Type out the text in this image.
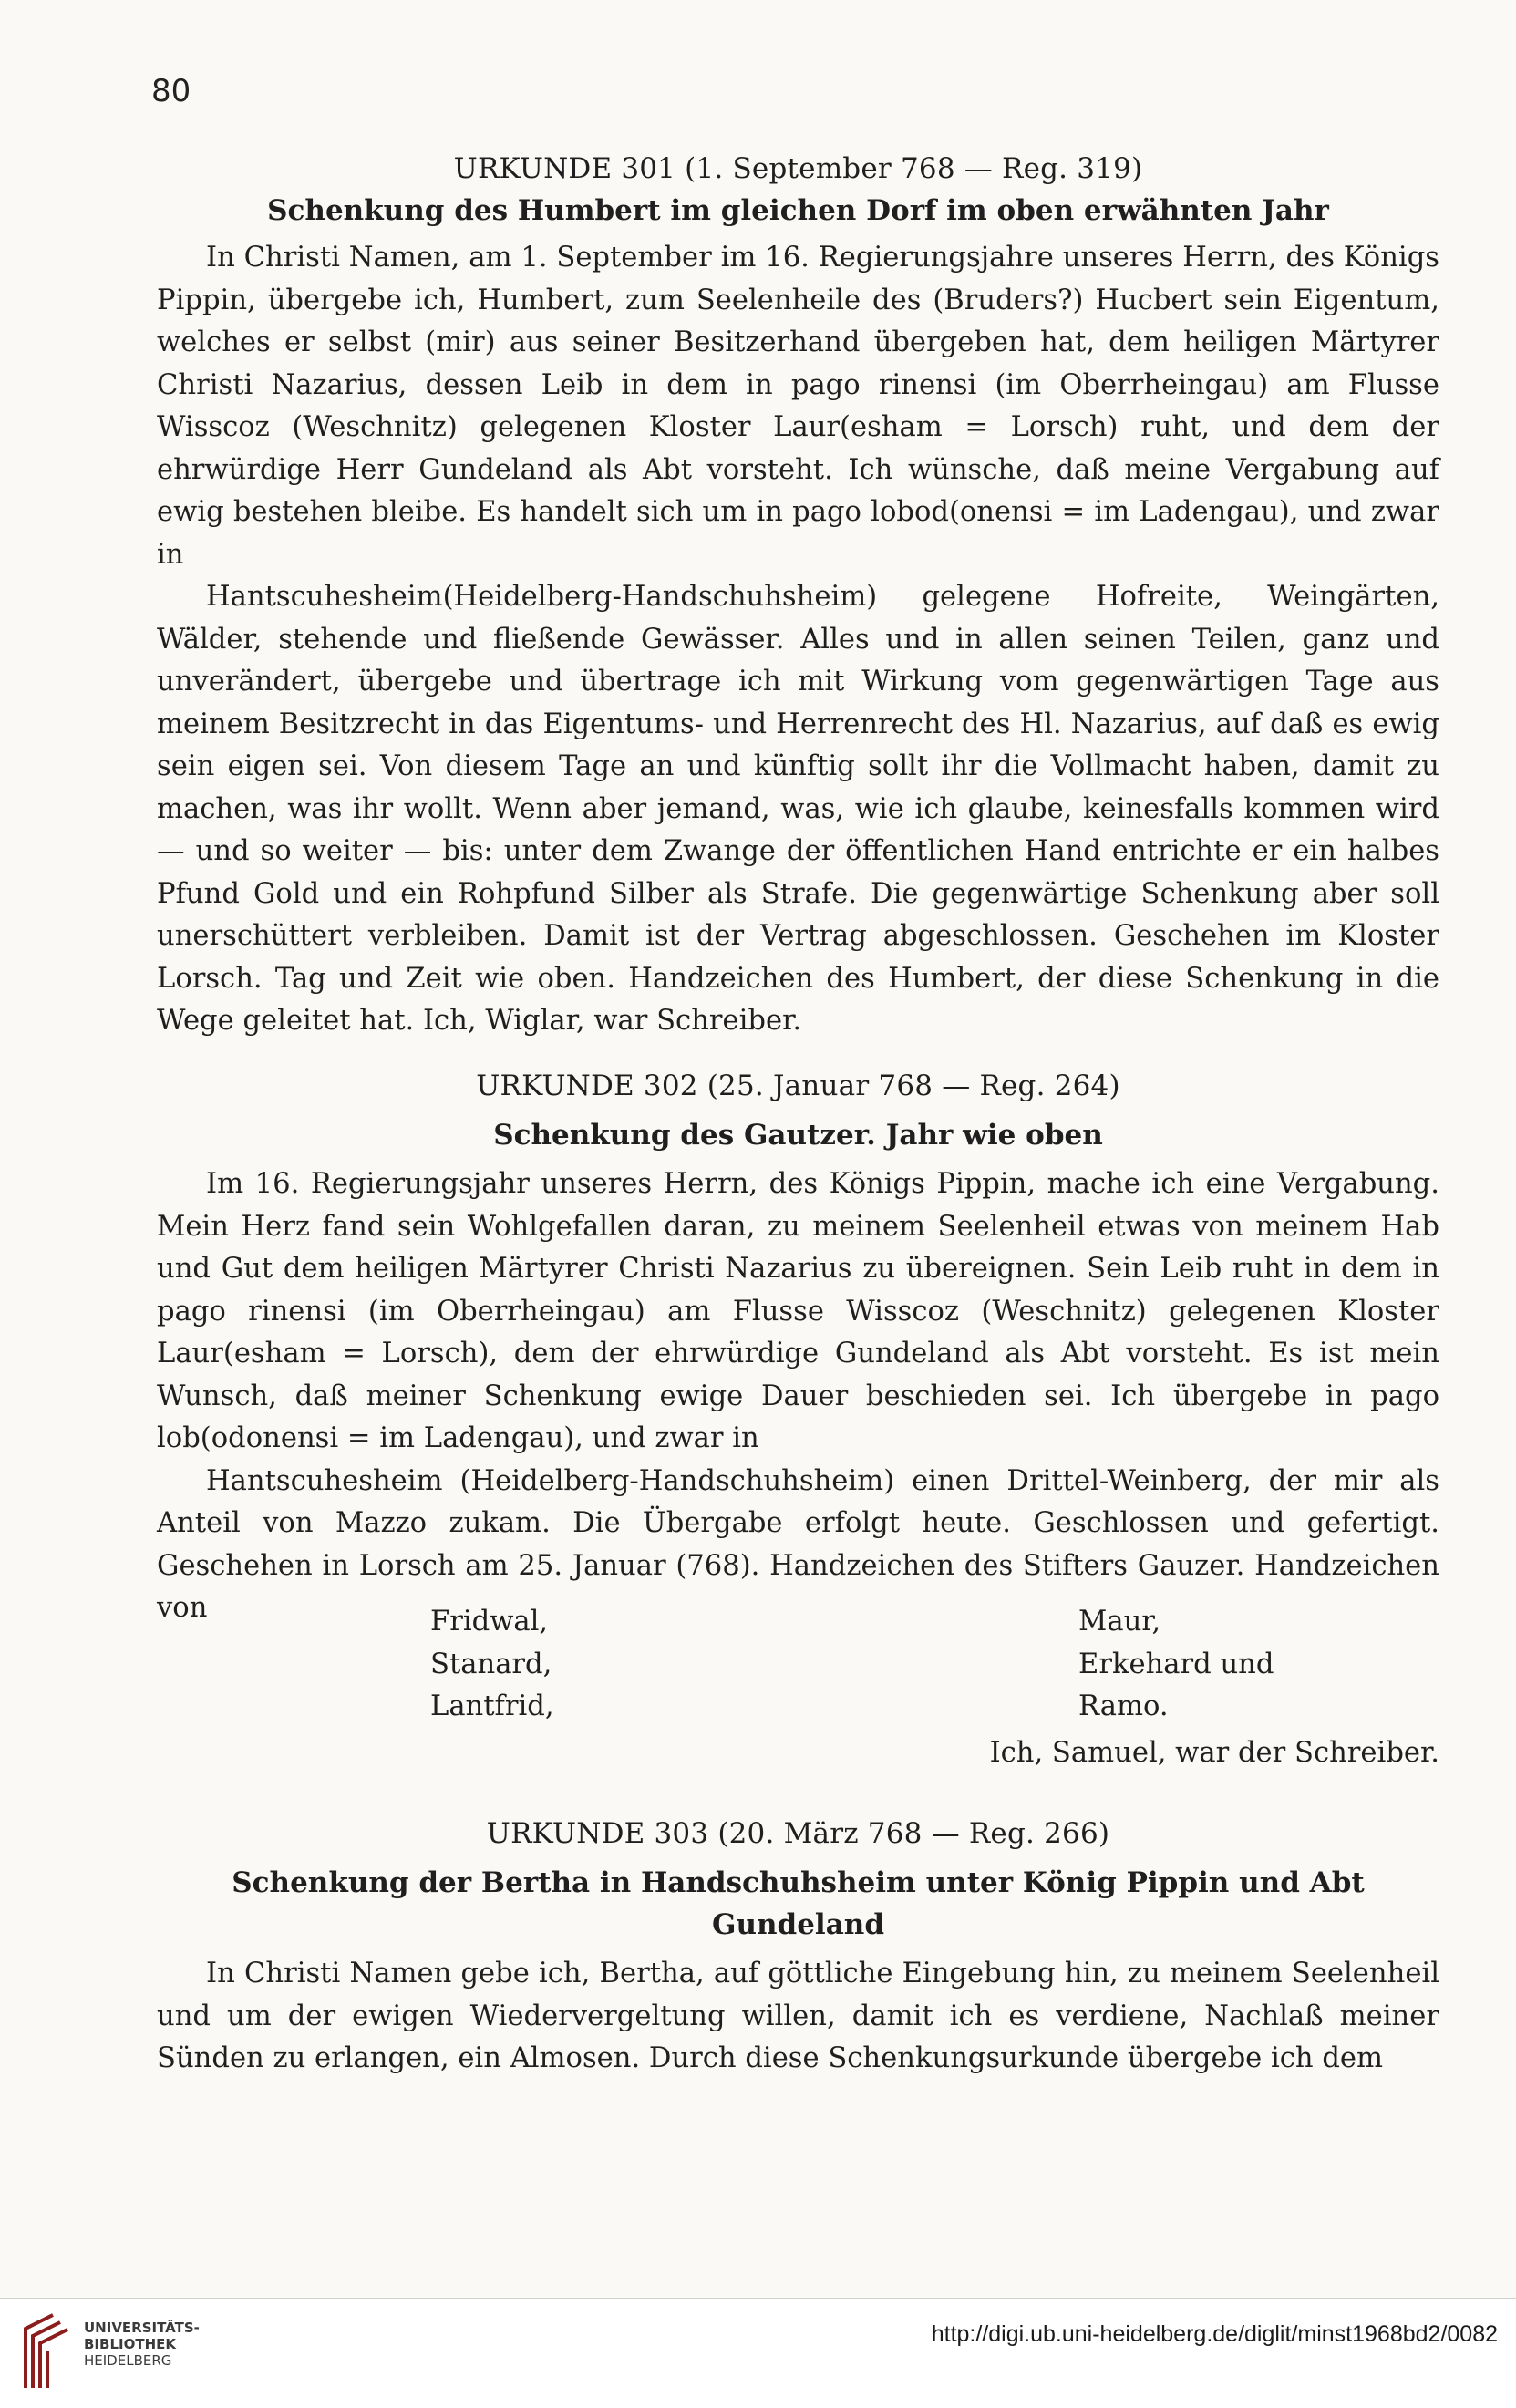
80
URKUNDE 301 (1. September 768 — Reg. 319)
Schenkung des Humbert im gleichen Dorf im oben erwähnten Jahr

In Christi Namen, am 1. September im 16. Regierungsjahre unseres Herrn, des Königs Pippin, übergebe ich, Humbert, zum Seelenheile des (Bruders?) Hucbert sein Eigentum, welches er selbst (mir) aus seiner Besitzerhand übergeben hat, dem heiligen Märtyrer Christi Nazarius, dessen Leib in dem in pago rinensi (im Oberrheingau) am Flusse Wisscoz (Weschnitz) gelegenen Kloster Laur(esham = Lorsch) ruht, und dem der ehrwürdige Herr Gundeland als Abt vorsteht. Ich wünsche, daß meine Vergabung auf ewig bestehen bleibe. Es handelt sich um in pago lobod(onensi = im Ladengau), und zwar in

Hantscuhesheim(Heidelberg-Handschuhsheim) gelegene Hofreite, Weingärten, Wälder, stehende und fließende Gewässer. Alles und in allen seinen Teilen, ganz und unverändert, übergebe und übertrage ich mit Wirkung vom gegenwärtigen Tage aus meinem Besitzrecht in das Eigentums- und Herrenrecht des Hl. Nazarius, auf daß es ewig sein eigen sei. Von diesem Tage an und künftig sollt ihr die Vollmacht haben, damit zu machen, was ihr wollt. Wenn aber jemand, was, wie ich glaube, keinesfalls kommen wird — und so weiter — bis: unter dem Zwange der öffentlichen Hand entrichte er ein halbes Pfund Gold und ein Rohpfund Silber als Strafe. Die gegenwärtige Schenkung aber soll unerschüttert verbleiben. Damit ist der Vertrag abgeschlossen. Geschehen im Kloster Lorsch. Tag und Zeit wie oben. Handzeichen des Humbert, der diese Schenkung in die Wege geleitet hat. Ich, Wiglar, war Schreiber.

URKUNDE 302 (25. Januar 768 — Reg. 264)
Schenkung des Gautzer. Jahr wie oben

Im 16. Regierungsjahr unseres Herrn, des Königs Pippin, mache ich eine Vergabung. Mein Herz fand sein Wohlgefallen daran, zu meinem Seelenheil etwas von meinem Hab und Gut dem heiligen Märtyrer Christi Nazarius zu übereignen. Sein Leib ruht in dem in pago rinensi (im Oberrheingau) am Flusse Wisscoz (Weschnitz) gelegenen Kloster Laur(esham = Lorsch), dem der ehrwürdige Gundeland als Abt vorsteht. Es ist mein Wunsch, daß meiner Schenkung ewige Dauer beschieden sei. Ich übergebe in pago lob(odonensi = im Ladengau), und zwar in

Hantscuhesheim (Heidelberg-Handschuhsheim) einen Drittel-Weinberg, der mir als Anteil von Mazzo zukam. Die Übergabe erfolgt heute. Geschlossen und gefertigt. Geschehen in Lorsch am 25. Januar (768). Handzeichen des Stifters Gauzer. Handzeichen von	Fridwal,
Stanard,
Lantfrid,
Maur,
Erkehard und
Ramo.
Ich, Samuel, war der Schreiber.
URKUNDE 303 (20. März 768 — Reg. 266)
Schenkung der Bertha in Handschuhsheim unter König Pippin und Abt Gundeland

In Christi Namen gebe ich, Bertha, auf göttliche Eingebung hin, zu meinem Seelenheil und um der ewigen Wiedervergeltung willen, damit ich es verdiene, Nachlaß meiner Sünden zu erlangen, ein Almosen. Durch diese Schenkungsurkunde übergebe ich dem

UNIVERSITÄTS-
BIBLIOTHEK
HEIDELBERG
http://digi.ub.uni-heidelberg.de/diglit/minst1968bd2/0082
